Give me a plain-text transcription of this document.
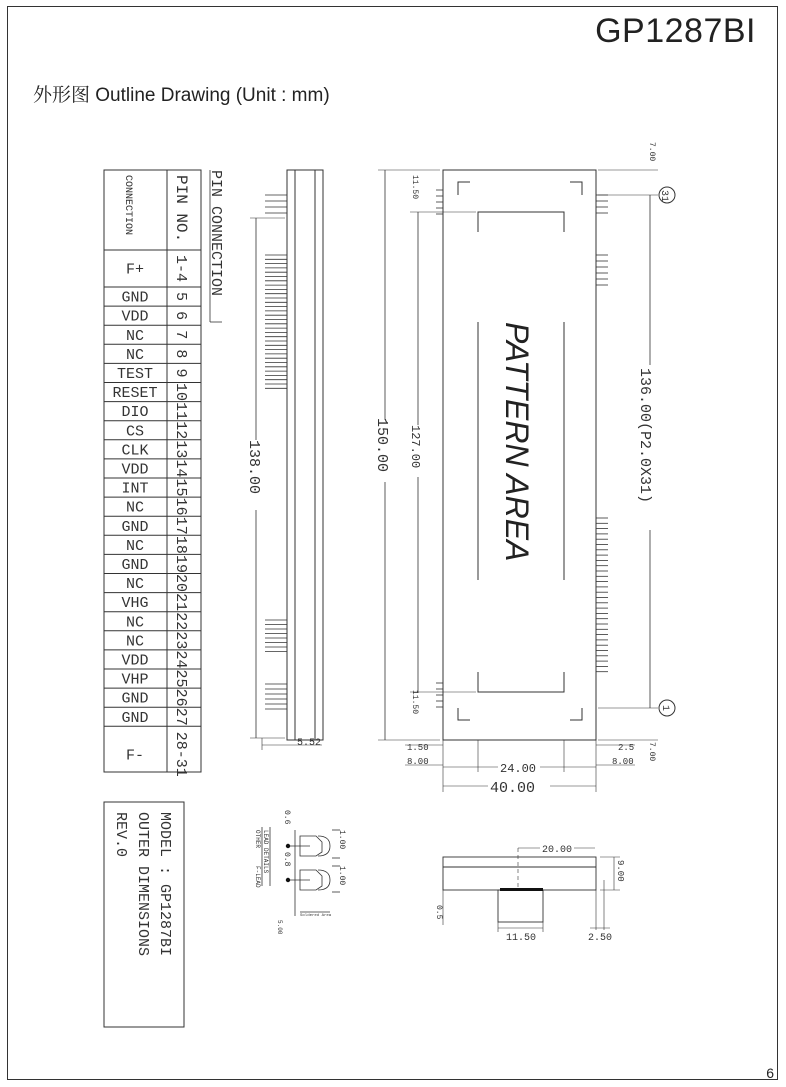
GP1287BI
外形图 Outline Drawing (Unit : mm)
6
PIN CONNECTION
CONNECTION PIN NO.
F+ 1-4
GND 5
VDD 6
NC 7
NC 8
TEST 9
RESET 10
DIO 11
CS 12
CLK 13
VDD 14
INT 15
NC 16
GND 17
NC 18
GND 19
NC 20
VHG 21
NC 22
NC 23
VDD 24
VHP 25
GND 26
GND 27
F- 28-31
138.00
5.52
PATTERN AREA
150.00 127.00	136.00(P2.0X31)
11.50
11.50
7.00
7.00
31
1
1.50
8.00
2.5
8.00
24.00
40.00
OTHER LEAD DETAILS
F-LEAD
0.6
0.8
1.00
1.00
5.00
Soldered Area
20.00
9.00
0.5
11.50	2.50
MODEL : GP1287BI
OUTER DIMENSIONS
REV.0
